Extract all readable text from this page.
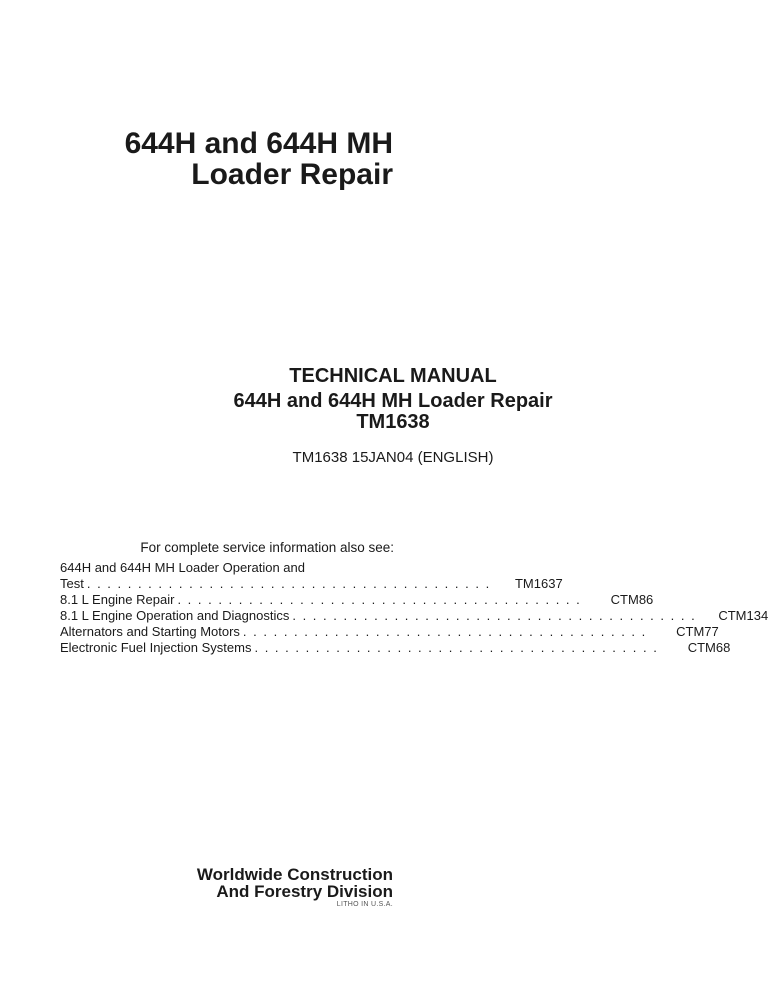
644H and 644H MH
Loader Repair
TECHNICAL MANUAL
644H and 644H MH Loader Repair
TM1638
TM1638 15JAN04 (ENGLISH)
For complete service information also see:
644H and 644H MH Loader Operation and
Test . . . . . . . . . . . . . . . . . . . . . . . . . . . . . . . . . . . . . . . .	TM1637
8.1 L Engine Repair . . . . . . . . . . . . . . . . . . . . . . . . . . . . . . . . . . . . . . . .	CTM86
8.1 L Engine Operation and Diagnostics . . . . . . . . . . . . . . . . . . . . . . . . . . . . . . . . . . . . . . . .	CTM134
Alternators and Starting Motors . . . . . . . . . . . . . . . . . . . . . . . . . . . . . . . . . . . . . . . .	CTM77
Electronic Fuel Injection Systems . . . . . . . . . . . . . . . . . . . . . . . . . . . . . . . . . . . . . . . .	CTM68
Worldwide Construction
And Forestry Division
LITHO IN U.S.A.
